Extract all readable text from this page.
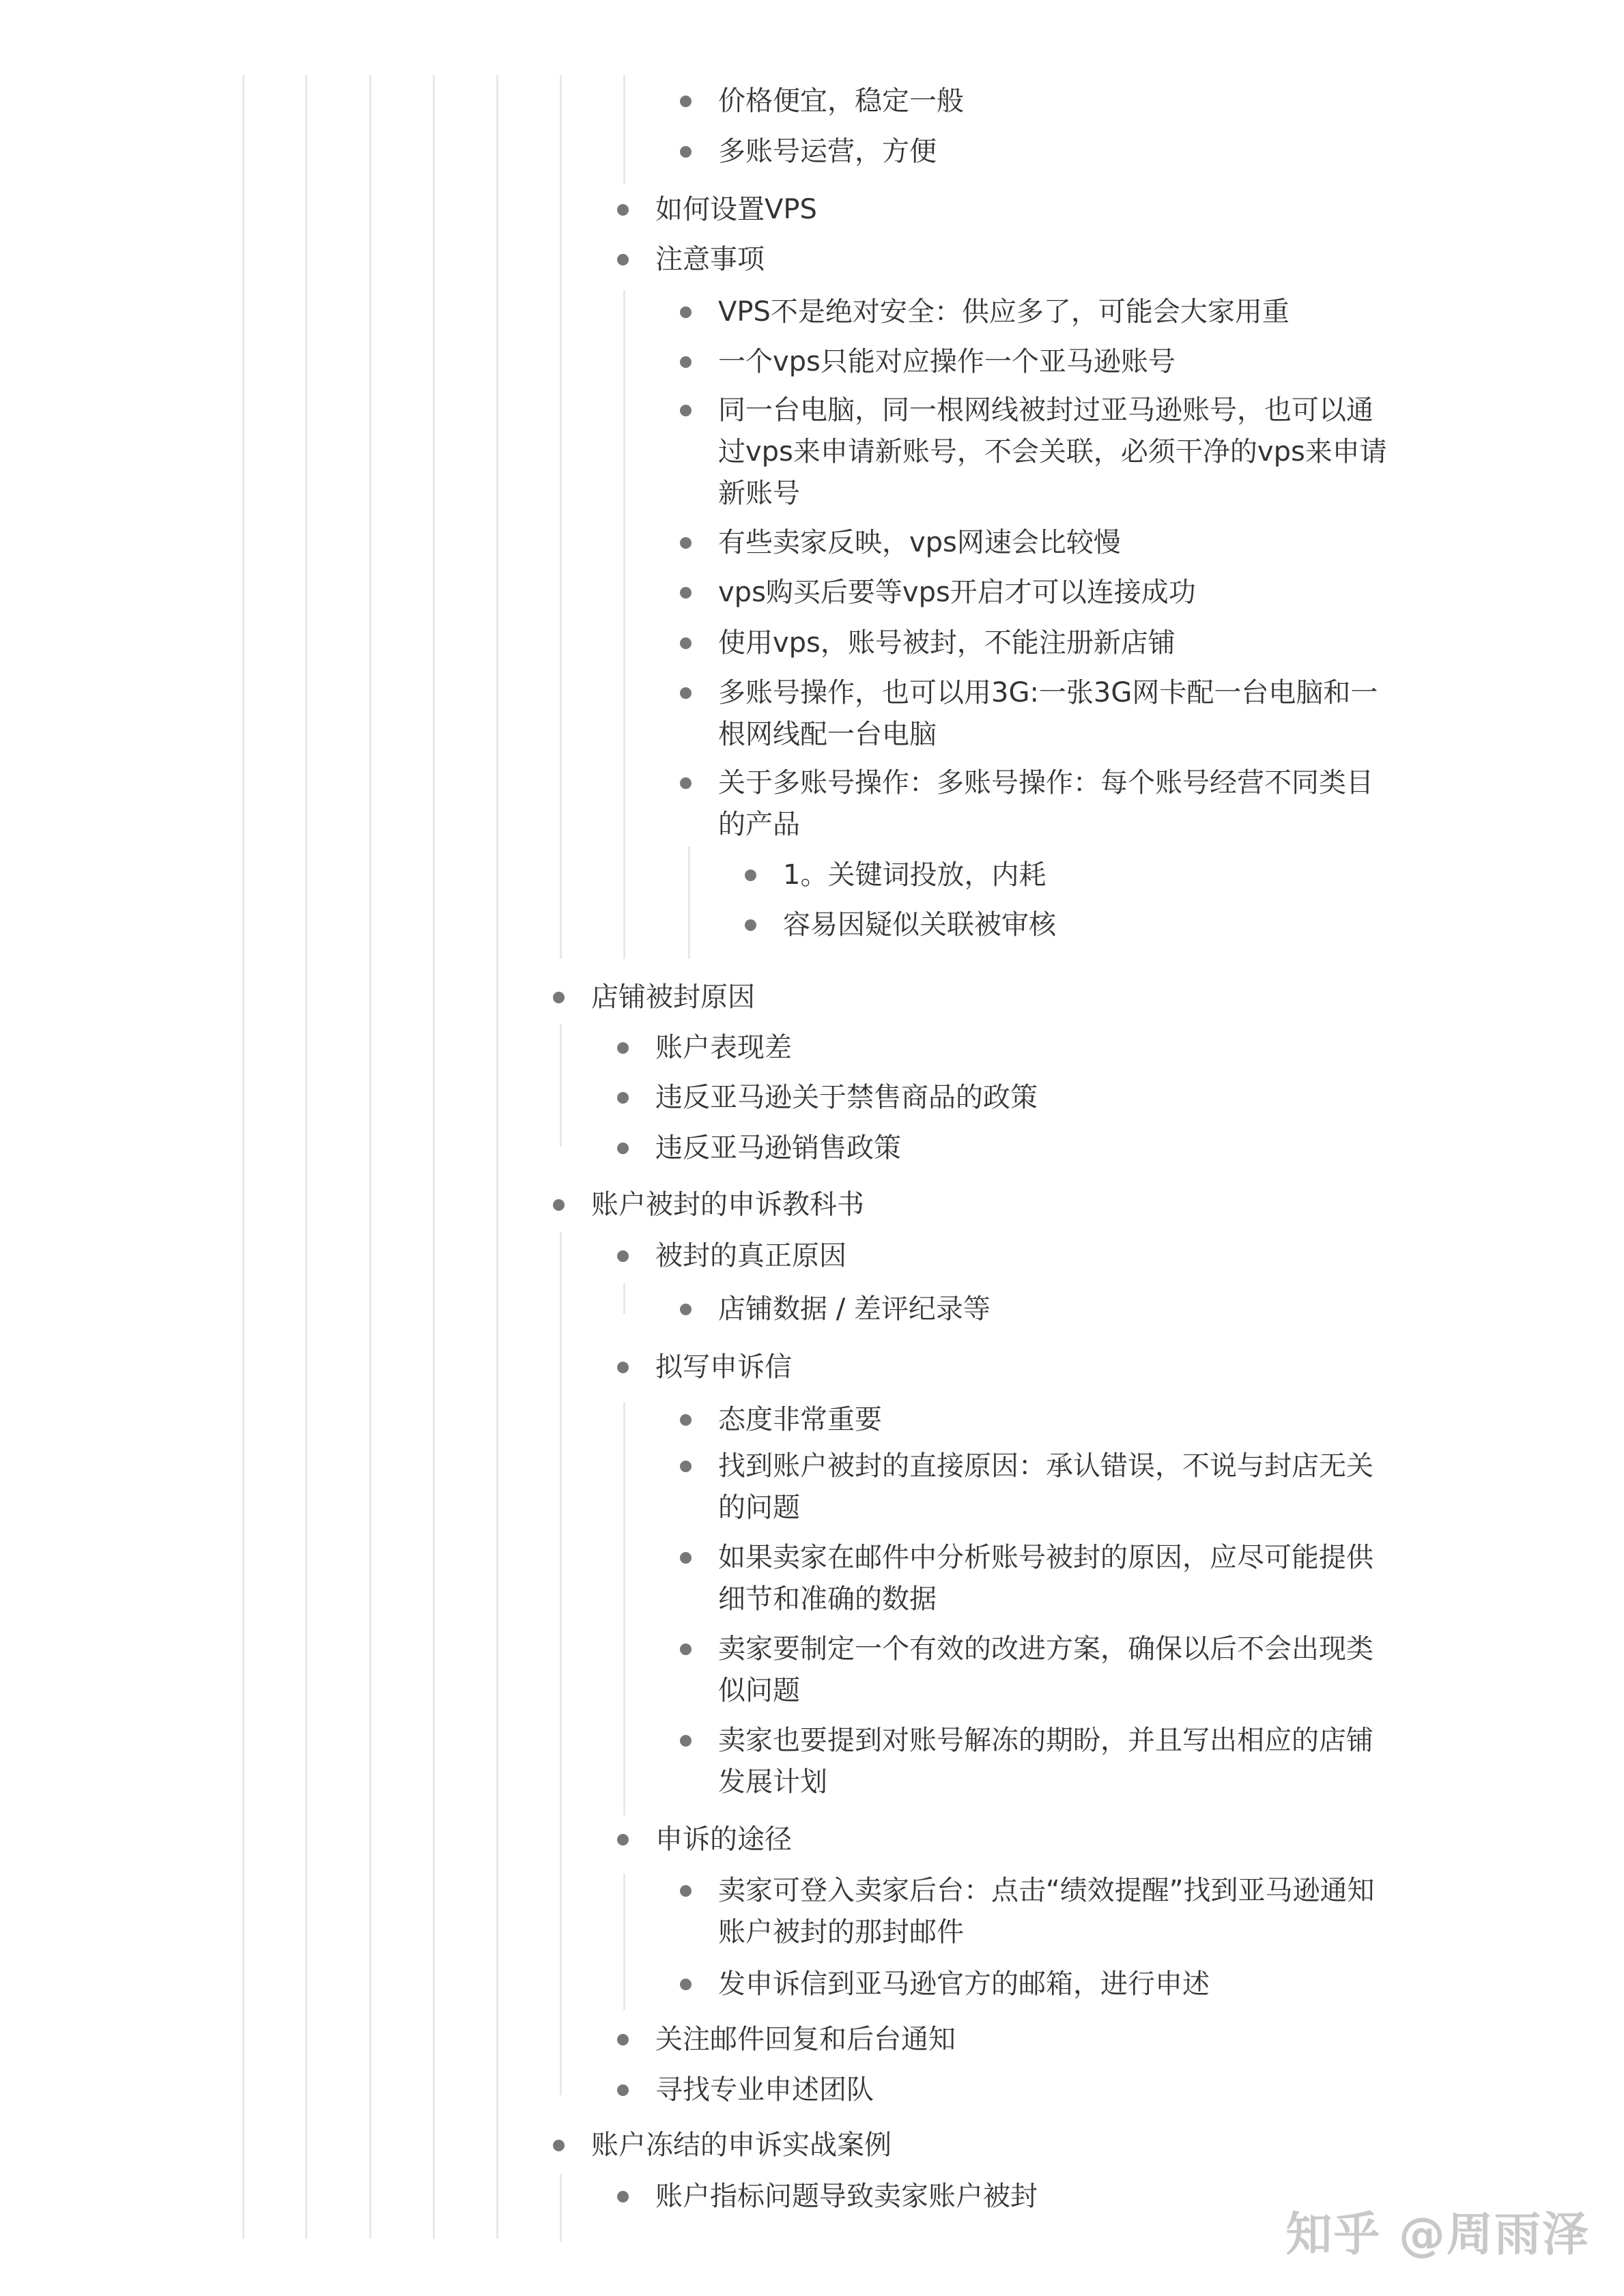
价格便宜，稳定一般
多账号运营，方便
如何设置VPS
注意事项
VPS不是绝对安全：供应多了，可能会大家用重
一个vps只能对应操作一个亚马逊账号
同一台电脑，同一根网线被封过亚马逊账号，也可以通
过vps来申请新账号，不会关联，必须干净的vps来申请
新账号
有些卖家反映，vps网速会比较慢
vps购买后要等vps开启才可以连接成功
使用vps，账号被封，不能注册新店铺
多账号操作，也可以用3G:一张3G网卡配一台电脑和一
根网线配一台电脑
关于多账号操作：多账号操作：每个账号经营不同类目
的产品
1。关键词投放，内耗
容易因疑似关联被审核
店铺被封原因
账户表现差
违反亚马逊关于禁售商品的政策
违反亚马逊销售政策
账户被封的申诉教科书
被封的真正原因
店铺数据 / 差评纪录等
拟写申诉信
态度非常重要
找到账户被封的直接原因：承认错误，不说与封店无关
的问题
如果卖家在邮件中分析账号被封的原因，应尽可能提供
细节和准确的数据
卖家要制定一个有效的改进方案，确保以后不会出现类
似问题
卖家也要提到对账号解冻的期盼，并且写出相应的店铺
发展计划
申诉的途径
卖家可登入卖家后台：点击“绩效提醒”找到亚马逊通知
账户被封的那封邮件
发申诉信到亚马逊官方的邮箱，进行申述
关注邮件回复和后台通知
寻找专业申述团队
账户冻结的申诉实战案例
账户指标问题导致卖家账户被封
知乎 @周雨泽
